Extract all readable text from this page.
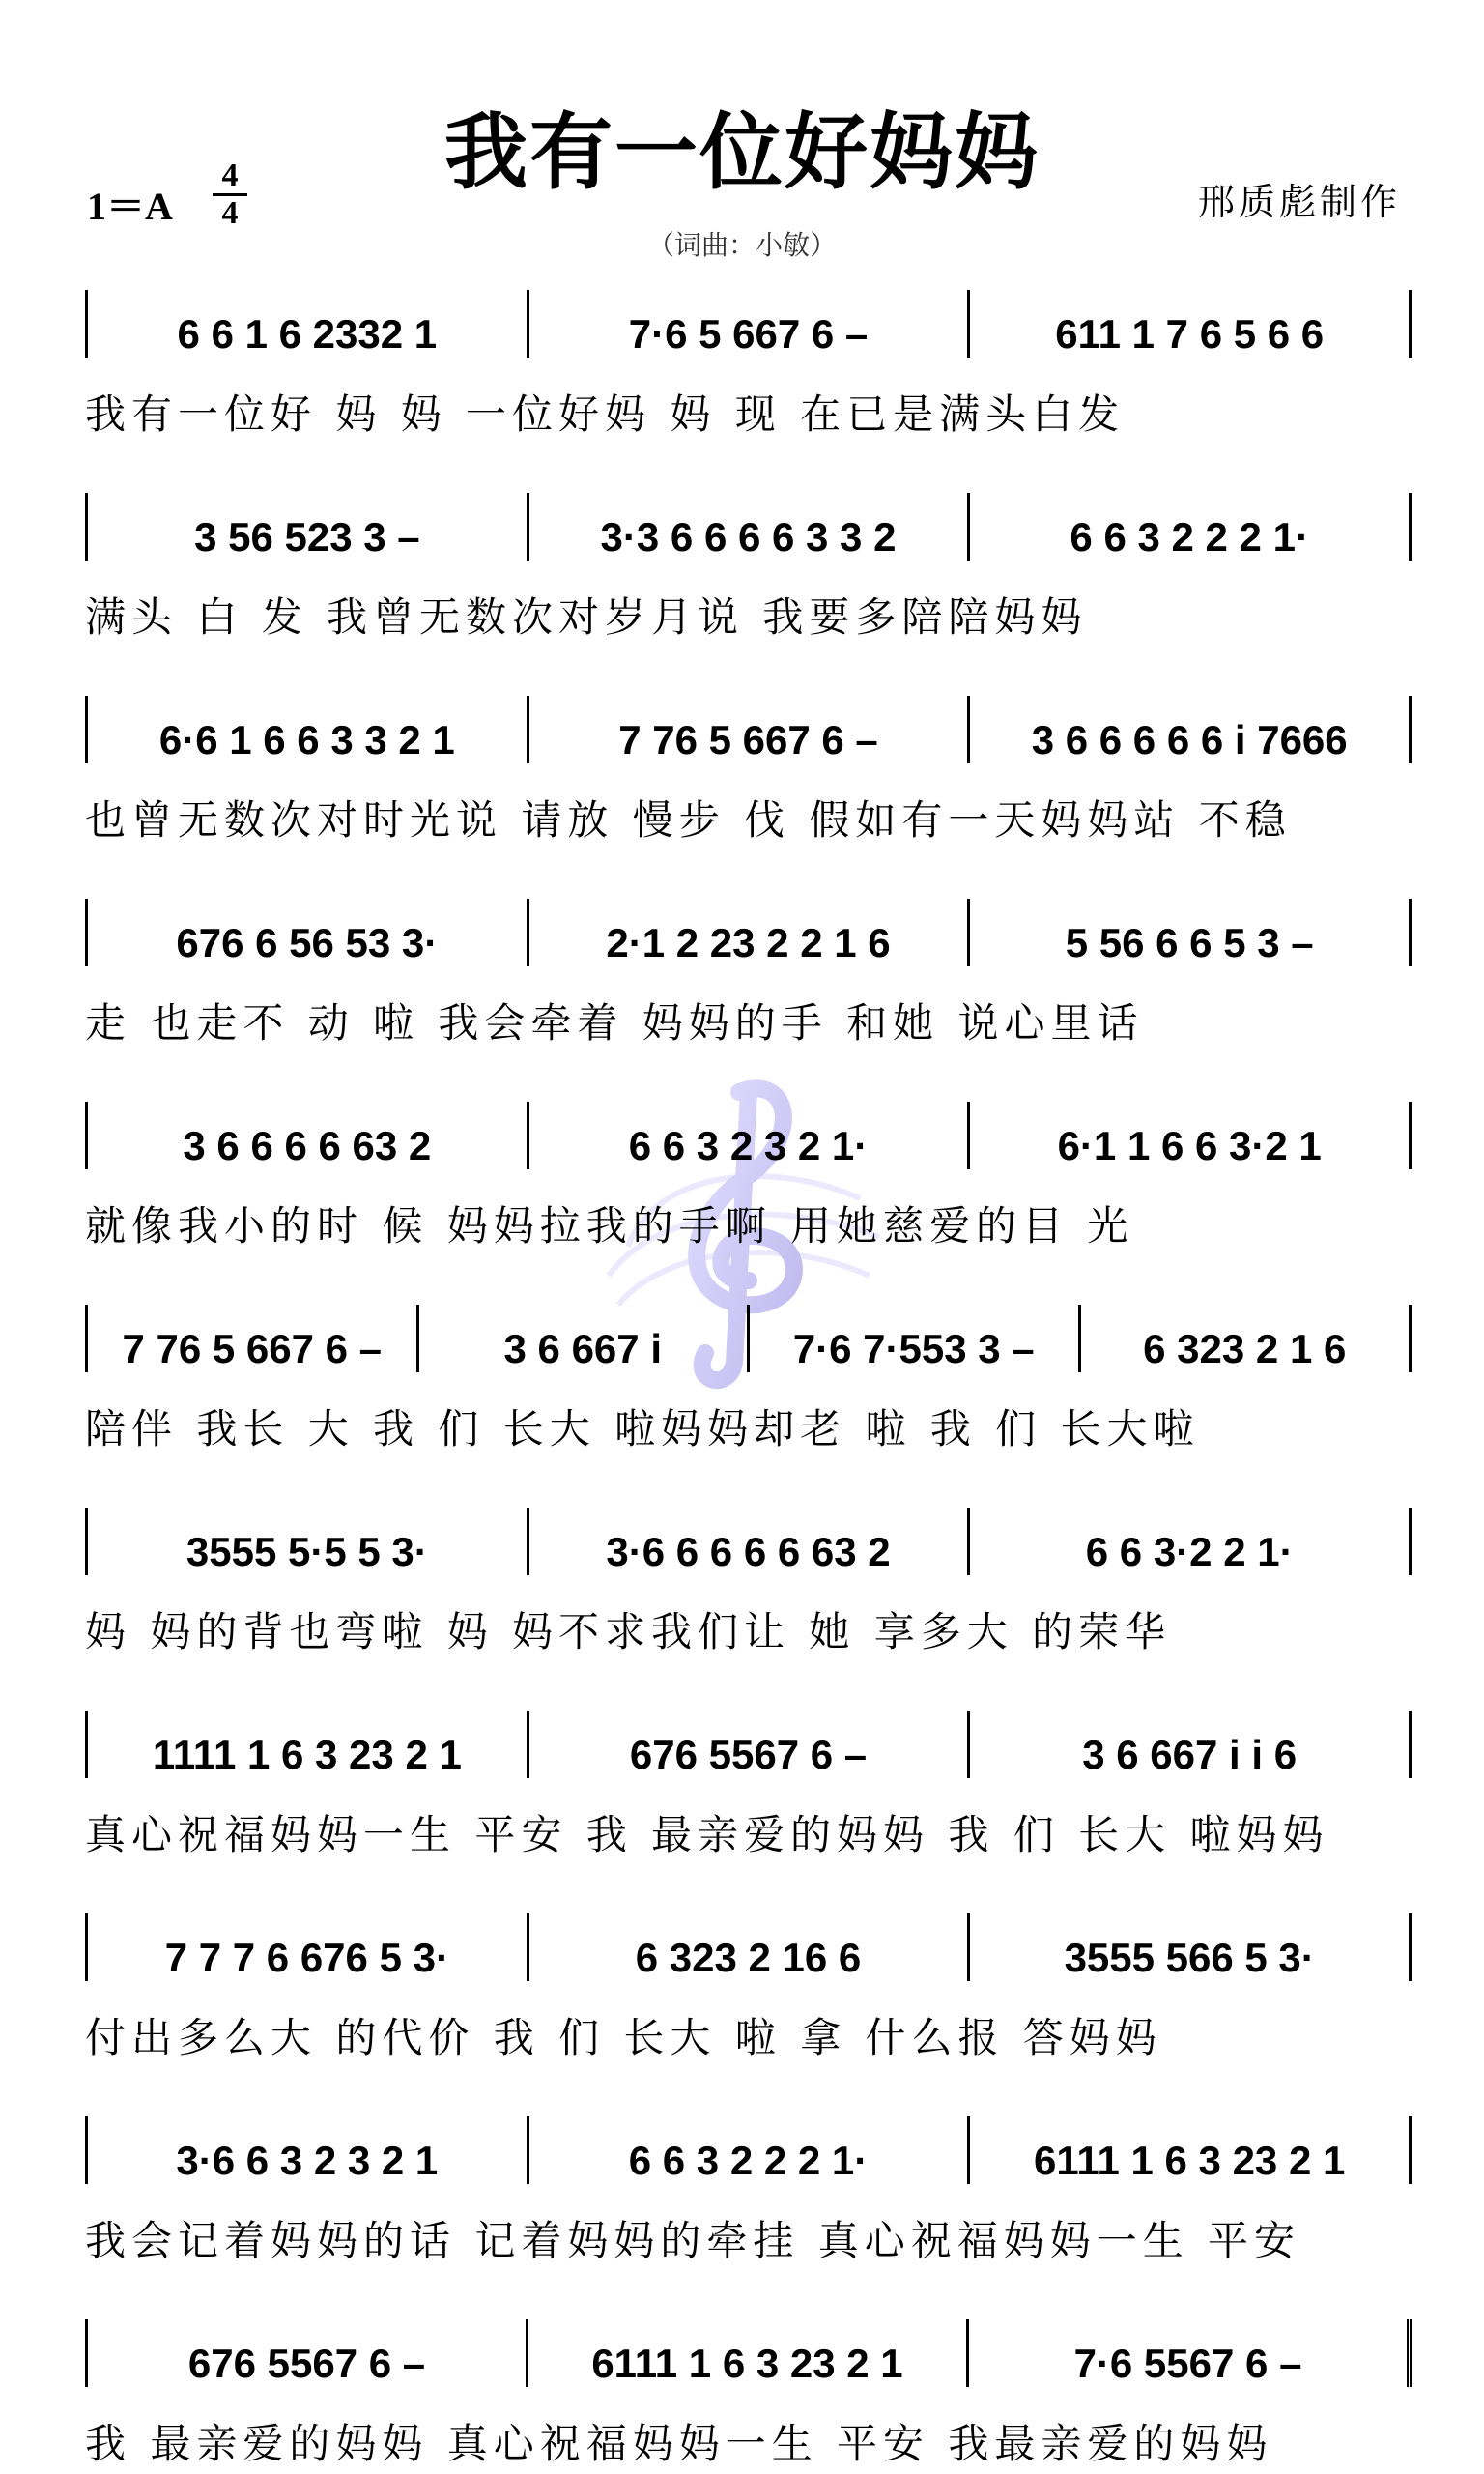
我有一位好妈妈
1＝A
4
4	邢质彪制作
（词曲：小敏）
6 6 1 6 2332 1	7·6 5 667 6 –	611 1 7 6 5 6 6
我有一位好 妈 妈 一位好妈 妈 现 在已是满头白发
3 56 523 3 –	3·3 6 6 6 6 3 3 2	6 6 3 2 2 2 1·
满头 白 发 我曾无数次对岁月说 我要多陪陪妈妈
6·6 1 6 6 3 3 2 1	7 76 5 667 6 –	3 6 6 6 6 6 i 7666
也曾无数次对时光说 请放 慢步 伐 假如有一天妈妈站 不稳
676 6 56 53 3·	2·1 2 23 2 2 1 6	5 56 6 6 5 3 –
走 也走不 动 啦 我会牵着 妈妈的手 和她 说心里话
3 6 6 6 6 63 2	6 6 3 2 3 2 1·	6·1 1 6 6 3·2 1
就像我小的时 候 妈妈拉我的手啊 用她慈爱的目 光
7 76 5 667 6 –	3 6 667 i	7·6 7·553 3 –	6 323 2 1 6
陪伴 我长 大 我 们 长大 啦妈妈却老 啦 我 们 长大啦
3555 5·5 5 3·	3·6 6 6 6 6 63 2	6 6 3·2 2 1·
妈 妈的背也弯啦 妈 妈不求我们让 她 享多大 的荣华
1111 1 6 3 23 2 1	676 5567 6 –	3 6 667 i i 6
真心祝福妈妈一生 平安 我 最亲爱的妈妈 我 们 长大 啦妈妈
7 7 7 6 676 5 3·	6 323 2 16 6	3555 566 5 3·
付出多么大 的代价 我 们 长大 啦 拿 什么报 答妈妈
3·6 6 3 2 3 2 1	6 6 3 2 2 2 1·	6111 1 6 3 23 2 1
我会记着妈妈的话 记着妈妈的牵挂 真心祝福妈妈一生 平安
676 5567 6 –	6111 1 6 3 23 2 1	7·6 5567 6 –
我 最亲爱的妈妈 真心祝福妈妈一生 平安 我最亲爱的妈妈
